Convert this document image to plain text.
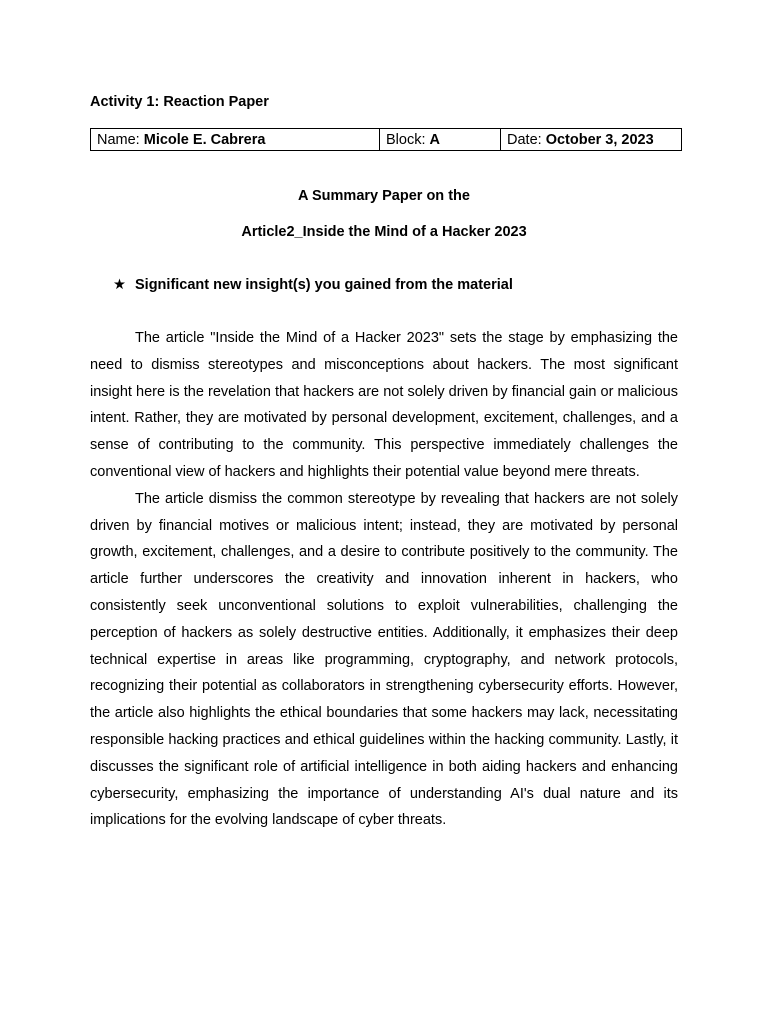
Activity 1: Reaction Paper
Name: Micole E. Cabrera	Block: A	Date: October 3, 2023
A Summary Paper on the
Article2_Inside the Mind of a Hacker 2023
★ Significant new insight(s) you gained from the material

The article "Inside the Mind of a Hacker 2023" sets the stage by emphasizing the need to dismiss stereotypes and misconceptions about hackers. The most significant insight here is the revelation that hackers are not solely driven by financial gain or malicious intent. Rather, they are motivated by personal development, excitement, challenges, and a sense of contributing to the community. This perspective immediately challenges the conventional view of hackers and highlights their potential value beyond mere threats.

The article dismiss the common stereotype by revealing that hackers are not solely driven by financial motives or malicious intent; instead, they are motivated by personal growth, excitement, challenges, and a desire to contribute positively to the community. The article further underscores the creativity and innovation inherent in hackers, who consistently seek unconventional solutions to exploit vulnerabilities, challenging the perception of hackers as solely destructive entities. Additionally, it emphasizes their deep technical expertise in areas like programming, cryptography, and network protocols, recognizing their potential as collaborators in strengthening cybersecurity efforts. However, the article also highlights the ethical boundaries that some hackers may lack, necessitating responsible hacking practices and ethical guidelines within the hacking community. Lastly, it discusses the significant role of artificial intelligence in both aiding hackers and enhancing cybersecurity, emphasizing the importance of understanding AI's dual nature and its implications for the evolving landscape of cyber threats.
